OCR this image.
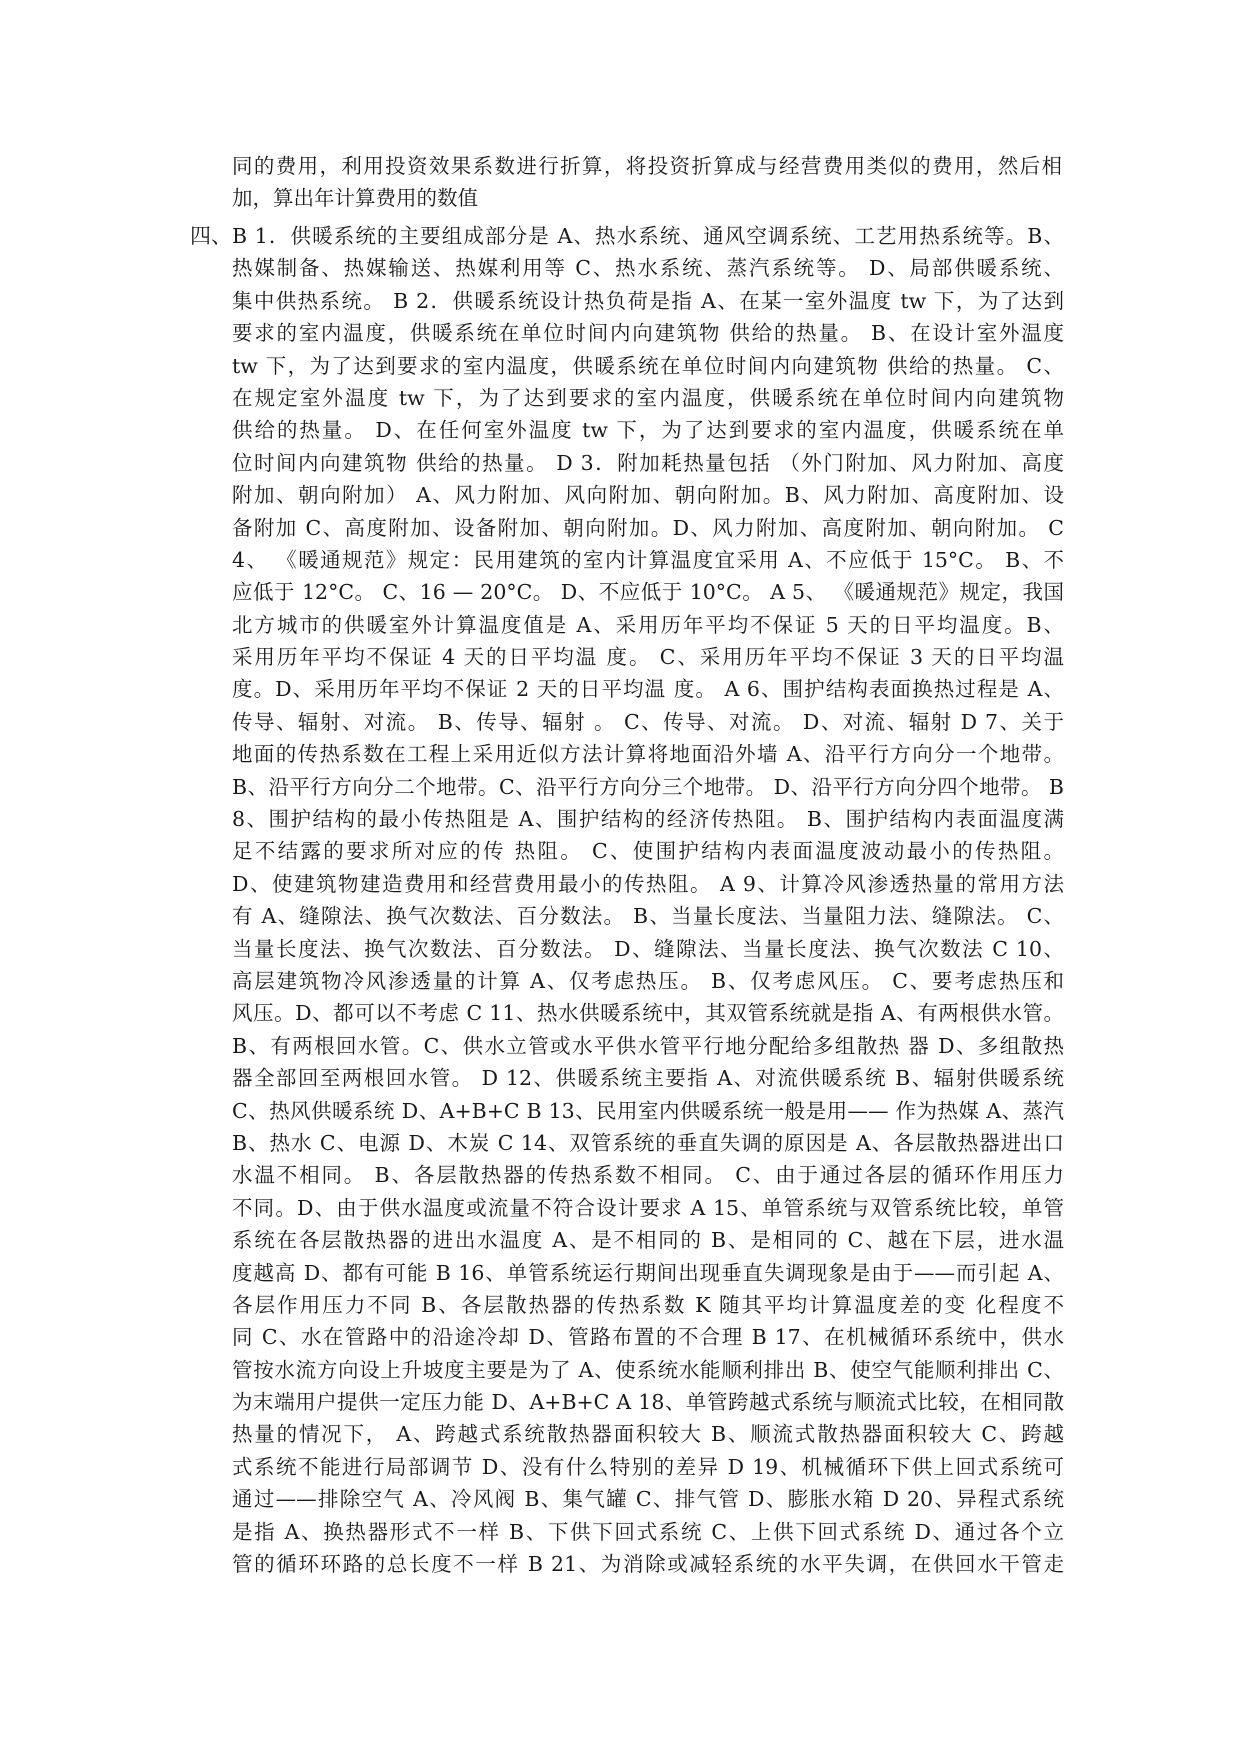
同的费用，利用投资效果系数进行折算，将投资折算成与经营费用类似的费用，然后相
加，算出年计算费用的数值
四、 B 1．供暖系统的主要组成部分是 A、热水系统、通风空调系统、工艺用热系统等。B、
热媒制备、热媒输送、热媒利用等 C、热水系统、蒸汽系统等。 D、局部供暖系统、
集中供热系统。 B 2．供暖系统设计热负荷是指 A、在某一室外温度 tw 下，为了达到
要求的室内温度，供暖系统在单位时间内向建筑物 供给的热量。 B、在设计室外温度
tw 下，为了达到要求的室内温度，供暖系统在单位时间内向建筑物 供给的热量。 C、
在规定室外温度 tw 下，为了达到要求的室内温度，供暖系统在单位时间内向建筑物
供给的热量。 D、在任何室外温度 tw 下，为了达到要求的室内温度，供暖系统在单
位时间内向建筑物 供给的热量。 D 3．附加耗热量包括 （外门附加、风力附加、高度
附加、朝向附加） A、风力附加、风向附加、朝向附加。B、风力附加、高度附加、设
备附加 C、高度附加、设备附加、朝向附加。D、风力附加、高度附加、朝向附加。 C
4、 《暖通规范》规定：民用建筑的室内计算温度宜采用 A、不应低于 15°C。 B、不
应低于 12°C。 C、16 — 20°C。 D、不应低于 10°C。 A 5、 《暖通规范》规定，我国
北方城市的供暖室外计算温度值是 A、采用历年平均不保证 5 天的日平均温度。B、
采用历年平均不保证 4 天的日平均温 度。 C、采用历年平均不保证 3 天的日平均温
度。D、采用历年平均不保证 2 天的日平均温 度。 A 6、围护结构表面换热过程是 A、
传导、辐射、对流。 B、传导、辐射 。 C、传导、对流。 D、对流、辐射 D 7、关于
地面的传热系数在工程上采用近似方法计算将地面沿外墙 A、沿平行方向分一个地带。
B、沿平行方向分二个地带。C、沿平行方向分三个地带。 D、沿平行方向分四个地带。 B
8、围护结构的最小传热阻是 A、围护结构的经济传热阻。 B、围护结构内表面温度满
足不结露的要求所对应的传 热阻。 C、使围护结构内表面温度波动最小的传热阻。
D、使建筑物建造费用和经营费用最小的传热阻。 A 9、计算冷风渗透热量的常用方法
有 A、缝隙法、换气次数法、百分数法。 B、当量长度法、当量阻力法、缝隙法。 C、
当量长度法、换气次数法、百分数法。 D、缝隙法、当量长度法、换气次数法 C 10、
高层建筑物冷风渗透量的计算 A、仅考虑热压。 B、仅考虑风压。 C、要考虑热压和
风压。D、都可以不考虑 C 11、热水供暖系统中，其双管系统就是指 A、有两根供水管。
B、有两根回水管。C、供水立管或水平供水管平行地分配给多组散热 器 D、多组散热
器全部回至两根回水管。 D 12、供暖系统主要指 A、对流供暖系统 B、辐射供暖系统
C、热风供暖系统 D、A+B+C B 13、民用室内供暖系统一般是用—— 作为热媒 A、蒸汽
B、热水 C、电源 D、木炭 C 14、双管系统的垂直失调的原因是 A、各层散热器进出口
水温不相同。 B、各层散热器的传热系数不相同。 C、由于通过各层的循环作用压力
不同。D、由于供水温度或流量不符合设计要求 A 15、单管系统与双管系统比较，单管
系统在各层散热器的进出水温度 A、是不相同的 B、是相同的 C、越在下层，进水温
度越高 D、都有可能 B 16、单管系统运行期间出现垂直失调现象是由于——而引起 A、
各层作用压力不同 B、各层散热器的传热系数 K 随其平均计算温度差的变 化程度不
同 C、水在管路中的沿途冷却 D、管路布置的不合理 B 17、在机械循环系统中，供水
管按水流方向设上升坡度主要是为了 A、使系统水能顺利排出 B、使空气能顺利排出 C、
为末端用户提供一定压力能 D、A+B+C A 18、单管跨越式系统与顺流式比较，在相同散
热量的情况下， A、跨越式系统散热器面积较大 B、顺流式散热器面积较大 C、跨越
式系统不能进行局部调节 D、没有什么特别的差异 D 19、机械循环下供上回式系统可
通过——排除空气 A、冷风阀 B、集气罐 C、排气管 D、膨胀水箱 D 20、异程式系统
是指 A、换热器形式不一样 B、下供下回式系统 C、上供下回式系统 D、通过各个立
管的循环环路的总长度不一样 B 21、为消除或减轻系统的水平失调，在供回水干管走
